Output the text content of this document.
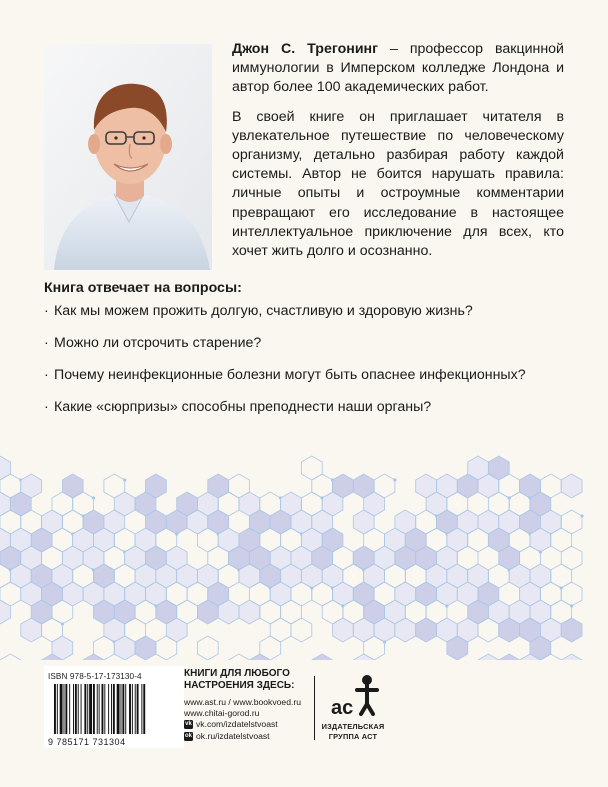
Джон С. Трегонинг – профессор вакцинной иммунологии в Имперском колледже Лондона и автор более 100 академических работ.

В своей книге он приглашает читателя в увлекательное путешествие по человеческому организму, детально разбирая работу каждой системы. Автор не боится нарушать правила: личные опыты и остроумные комментарии превращают его исследование в настоящее интеллектуальное приключение для всех, кто хочет жить долго и осознанно.

Книга отвечает на вопросы:
· Как мы можем прожить долгую, счастливую и здоровую жизнь?
· Можно ли отсрочить старение?
· Почему неинфекционные болезни могут быть опаснее инфекционных?
· Какие «сюрпризы» способны преподнести наши органы?
ISBN 978-5-17-173130-4
9 785171 731304
КНИГИ ДЛЯ ЛЮБОГО НАСТРОЕНИЯ ЗДЕСЬ:
www.ast.ru / www.bookvoed.ru
www.chitai-gorod.ru
vk vk.com/izdatelstvoast
ok ok.ru/izdatelstvoast
ac
ИЗДАТЕЛЬСКАЯ ГРУППА АСТ
